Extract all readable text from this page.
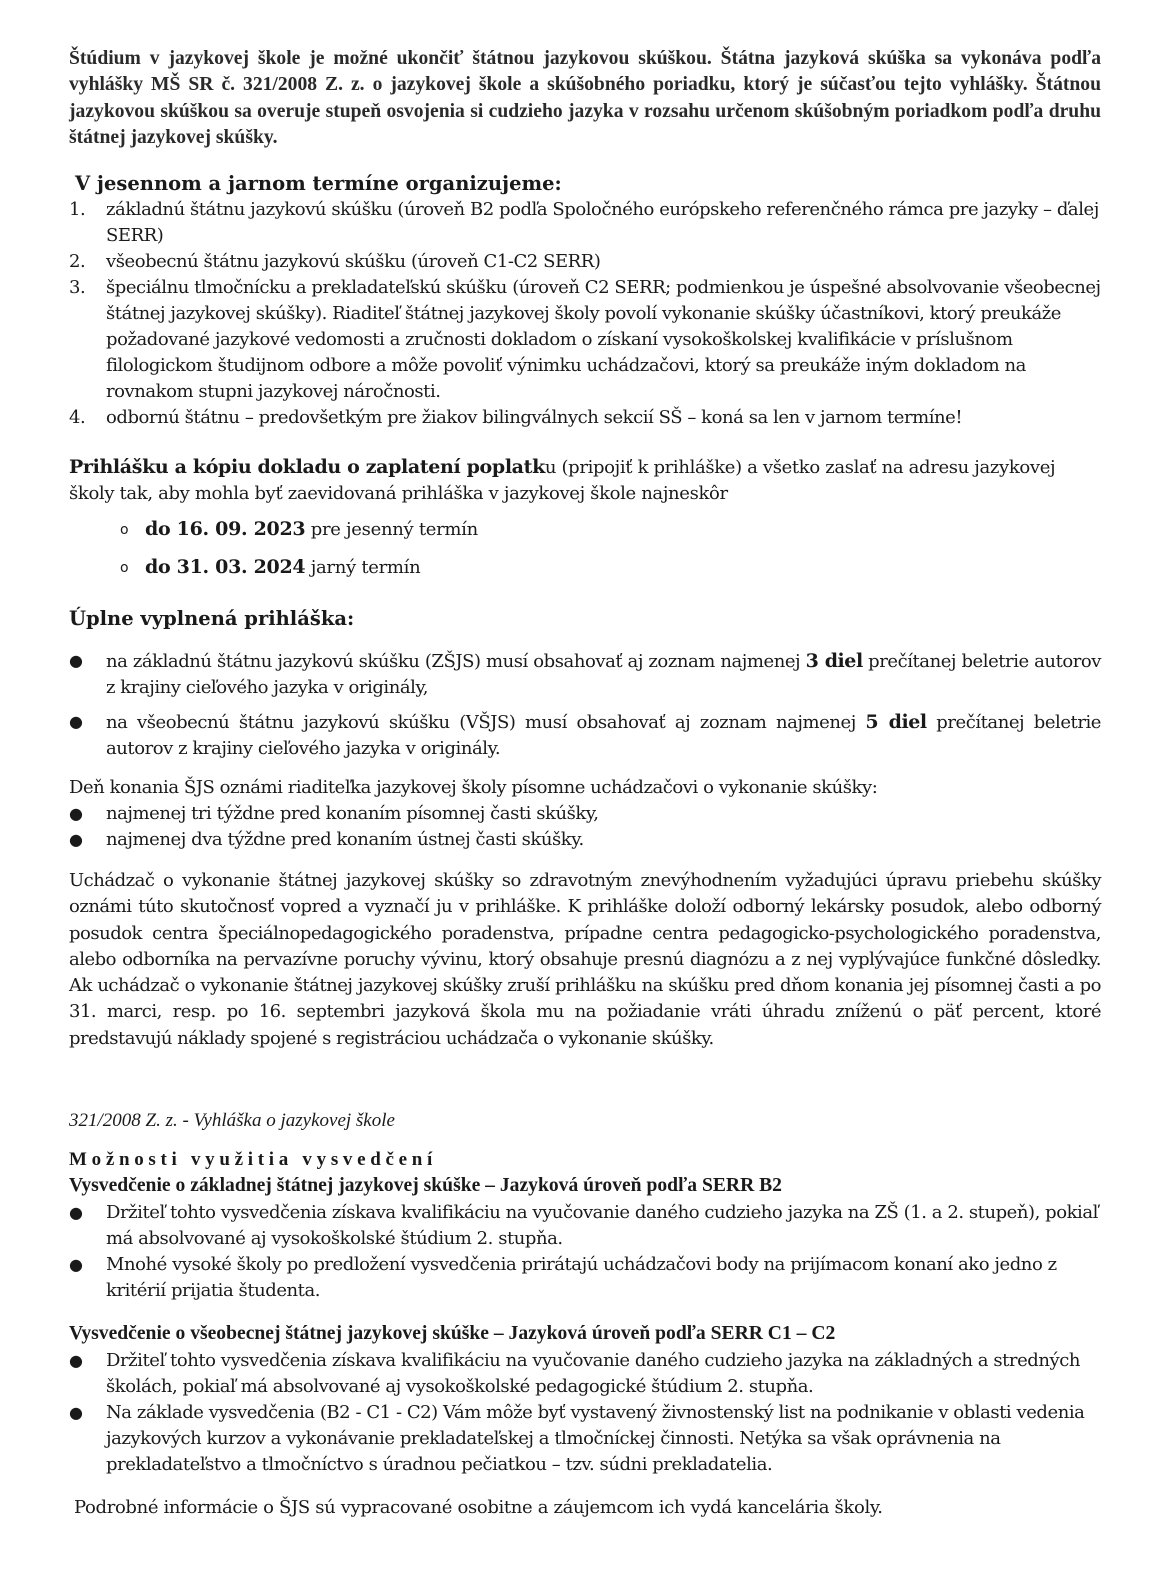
Štúdium v jazykovej škole je možné ukončiť štátnou jazykovou skúškou. Štátna jazyková skúška sa vykonáva podľa vyhlášky MŠ SR č. 321/2008 Z. z. o jazykovej škole a skúšobného poriadku, ktorý je súčasťou tejto vyhlášky. Štátnou jazykovou skúškou sa overuje stupeň osvojenia si cudzieho jazyka v rozsahu určenom skúšobným poriadkom podľa druhu štátnej jazykovej skúšky.
V jesennom a jarnom termíne organizujeme:
1. základnú štátnu jazykovú skúšku (úroveň B2 podľa Spoločného európskeho referenčného rámca pre jazyky – ďalej SERR)
2. všeobecnú štátnu jazykovú skúšku (úroveň C1-C2 SERR)
3. špeciálnu tlmočnícku a prekladateľskú skúšku (úroveň C2 SERR; podmienkou je úspešné absolvovanie všeobecnej štátnej jazykovej skúšky). Riaditeľ štátnej jazykovej školy povolí vykonanie skúšky účastníkovi, ktorý preukáže požadované jazykové vedomosti a zručnosti dokladom o získaní vysokoškolskej kvalifikácie v príslušnom filologickom študijnom odbore a môže povoliť výnimku uchádzačovi, ktorý sa preukáže iným dokladom na rovnakom stupni jazykovej náročnosti.
4. odbornú štátnu – predovšetkým pre žiakov bilingválnych sekcií SŠ – koná sa len v jarnom termíne!
Prihlášku a kópiu dokladu o zaplatení poplatku (pripojiť k prihláške) a všetko zaslať na adresu jazykovej školy tak, aby mohla byť zaevidovaná prihláška v jazykovej škole najneskôr
o do 16. 09. 2023 pre jesenný termín
o do 31. 03. 2024 jarný termín
Úplne vyplnená prihláška:
● na základnú štátnu jazykovú skúšku (ZŠJS) musí obsahovať aj zoznam najmenej 3 diel prečítanej beletrie autorov z krajiny cieľového jazyka v originály,
● na všeobecnú štátnu jazykovú skúšku (VŠJS) musí obsahovať aj zoznam najmenej 5 diel prečítanej beletrie autorov z krajiny cieľového jazyka v originály.
Deň konania ŠJS oznámi riaditeľka jazykovej školy písomne uchádzačovi o vykonanie skúšky:
● najmenej tri týždne pred konaním písomnej časti skúšky,
● najmenej dva týždne pred konaním ústnej časti skúšky.
Uchádzač o vykonanie štátnej jazykovej skúšky so zdravotným znevýhodnením vyžadujúci úpravu priebehu skúšky oznámi túto skutočnosť vopred a vyznačí ju v prihláške. K prihláške doloží odborný lekársky posudok, alebo odborný posudok centra špeciálnopedagogického poradenstva, prípadne centra pedagogicko-psychologického poradenstva, alebo odborníka na pervazívne poruchy vývinu, ktorý obsahuje presnú diagnózu a z nej vyplývajúce funkčné dôsledky. Ak uchádzač o vykonanie štátnej jazykovej skúšky zruší prihlášku na skúšku pred dňom konania jej písomnej časti a po 31. marci, resp. po 16. septembri jazyková škola mu na požiadanie vráti úhradu zníženú o päť percent, ktoré predstavujú náklady spojené s registráciou uchádzača o vykonanie skúšky.
321/2008 Z. z. - Vyhláška o jazykovej škole
Možnosti využitia vysvedčení
Vysvedčenie o základnej štátnej jazykovej skúške – Jazyková úroveň podľa SERR B2
● Držiteľ tohto vysvedčenia získava kvalifikáciu na vyučovanie daného cudzieho jazyka na ZŠ (1. a 2. stupeň), pokiaľ má absolvované aj vysokoškolské štúdium 2. stupňa.
● Mnohé vysoké školy po predložení vysvedčenia prirátajú uchádzačovi body na prijímacom konaní ako jedno z kritérií prijatia študenta.
Vysvedčenie o všeobecnej štátnej jazykovej skúške – Jazyková úroveň podľa SERR C1 – C2
● Držiteľ tohto vysvedčenia získava kvalifikáciu na vyučovanie daného cudzieho jazyka na základných a stredných školách, pokiaľ má absolvované aj vysokoškolské pedagogické štúdium 2. stupňa.
● Na základe vysvedčenia (B2 - C1 - C2) Vám môže byť vystavený živnostenský list na podnikanie v oblasti vedenia jazykových kurzov a vykonávanie prekladateľskej a tlmočníckej činnosti. Netýka sa však oprávnenia na prekladateľstvo a tlmočníctvo s úradnou pečiatkou – tzv. súdni prekladatelia.
Podrobné informácie o ŠJS sú vypracované osobitne a záujemcom ich vydá kancelária školy.
